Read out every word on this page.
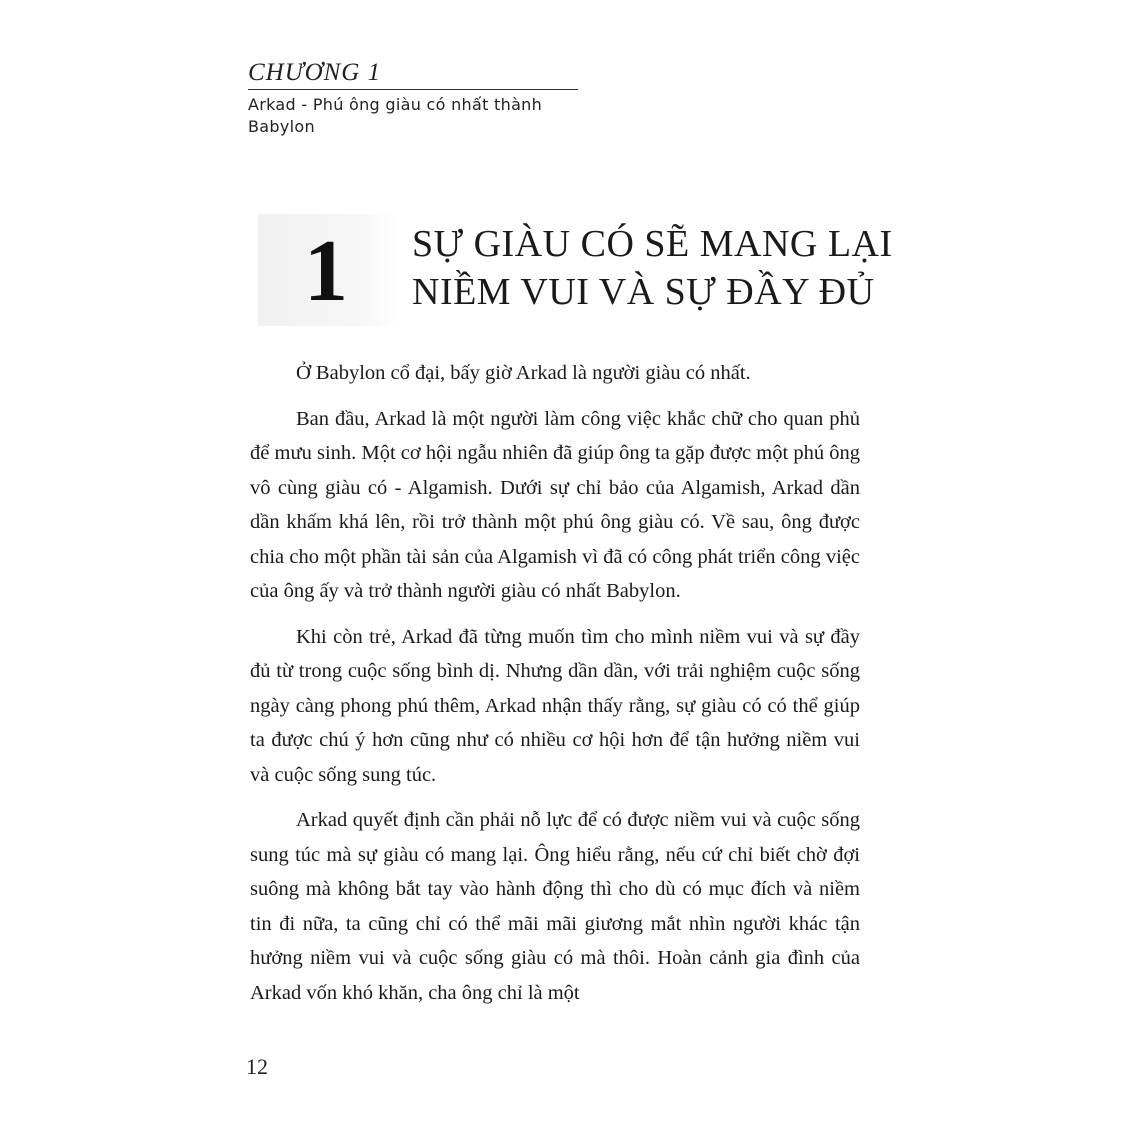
CHƯƠNG 1
Arkad - Phú ông giàu có nhất thành Babylon
1	SỰ GIÀU CÓ SẼ MANG LẠI
NIỀM VUI VÀ SỰ ĐẦY ĐỦ

Ở Babylon cổ đại, bấy giờ Arkad là người giàu có nhất.

Ban đầu, Arkad là một người làm công việc khắc chữ cho quan phủ để mưu sinh. Một cơ hội ngẫu nhiên đã giúp ông ta gặp được một phú ông vô cùng giàu có - Algamish. Dưới sự chỉ bảo của Algamish, Arkad dần dần khấm khá lên, rồi trở thành một phú ông giàu có. Về sau, ông được chia cho một phần tài sản của Algamish vì đã có công phát triển công việc của ông ấy và trở thành người giàu có nhất Babylon.

Khi còn trẻ, Arkad đã từng muốn tìm cho mình niềm vui và sự đầy đủ từ trong cuộc sống bình dị. Nhưng dần dần, với trải nghiệm cuộc sống ngày càng phong phú thêm, Arkad nhận thấy rằng, sự giàu có có thể giúp ta được chú ý hơn cũng như có nhiều cơ hội hơn để tận hưởng niềm vui và cuộc sống sung túc.

Arkad quyết định cần phải nỗ lực để có được niềm vui và cuộc sống sung túc mà sự giàu có mang lại. Ông hiểu rằng, nếu cứ chỉ biết chờ đợi suông mà không bắt tay vào hành động thì cho dù có mục đích và niềm tin đi nữa, ta cũng chỉ có thể mãi mãi giương mắt nhìn người khác tận hưởng niềm vui và cuộc sống giàu có mà thôi. Hoàn cảnh gia đình của Arkad vốn khó khăn, cha ông chỉ là một

12
